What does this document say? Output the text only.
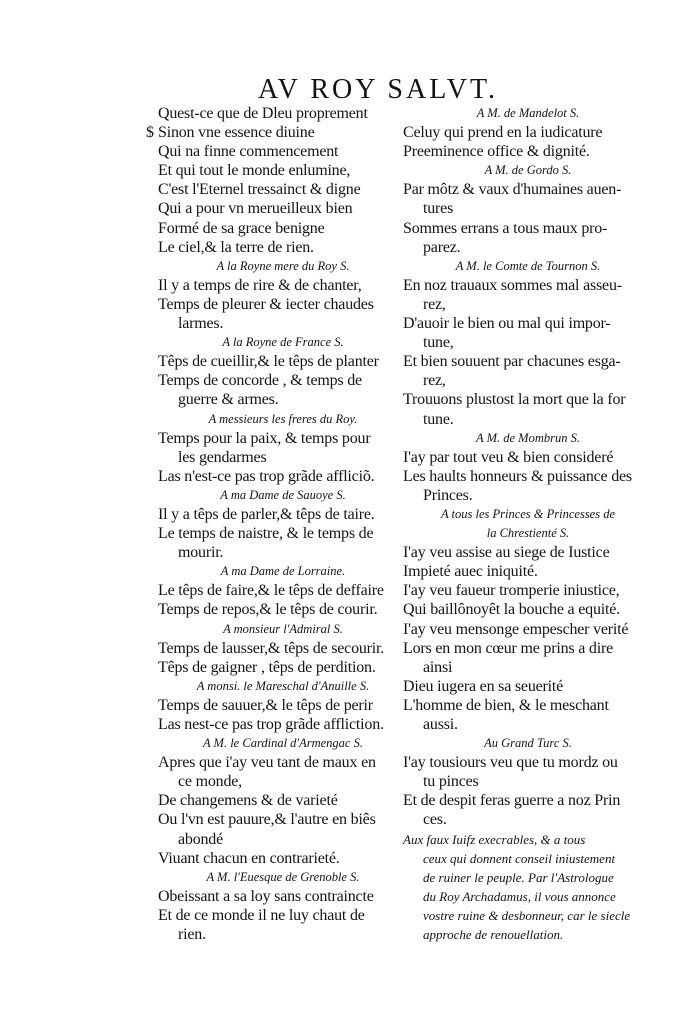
AV ROY SALVT.
$
Quest-ce que de Dleu proprement
Sinon vne essence diuine
Qui na finne commencement
Et qui tout le monde enlumine,
C'est l'Eternel tressainct & digne
Qui a pour vn merueilleux bien
Formé de sa grace benigne
Le ciel,& la terre de rien.
A la Royne mere du Roy S.
Il y a temps de rire & de chanter,
Temps de pleurer & iecter chaudes
larmes.
A la Royne de France S.
Têps de cueillir,& le têps de planter
Temps de concorde , & temps de
guerre & armes.
A messieurs les freres du Roy.
Temps pour la paix, & temps pour
les gendarmes
Las n'est-ce pas trop grãde affliciõ.
A ma Dame de Sauoye S.
Il y a têps de parler,& têps de taire.
Le temps de naistre, & le temps de
mourir.
A ma Dame de Lorraine.
Le têps de faire,& le têps de deffaire
Temps de repos,& le têps de courir.
A monsieur l'Admiral S.
Temps de lausser,& têps de secourir.
Têps de gaigner , têps de perdition.
A monsi. le Mareschal d'Anuille S.
Temps de sauuer,& le têps de perir
Las nest-ce pas trop grãde affliction.
A M. le Cardinal d'Armengac S.
Apres que i'ay veu tant de maux en
ce monde,
De changemens & de varieté
Ou l'vn est pauure,& l'autre en biês
abondé
Viuant chacun en contrarieté.
A M. l'Euesque de Grenoble S.
Obeissant a sa loy sans contraincte
Et de ce monde il ne luy chaut de
rien.
A M. de Mandelot S.
Celuy qui prend en la iudicature
Preeminence office & dignité.
A M. de Gordo S.
Par môtz & vaux d'humaines auen-
tures
Sommes errans a tous maux pro-
parez.
A M. le Comte de Tournon S.
En noz trauaux sommes mal asseu-
rez,
D'auoir le bien ou mal qui impor-
tune,
Et bien souuent par chacunes esga-
rez,
Trouuons plustost la mort que la for
tune.
A M. de Mombrun S.
I'ay par tout veu & bien consideré
Les haults honneurs & puissance des
Princes.
A tous les Princes & Princesses de
la Chrestienté S.
I'ay veu assise au siege de Iustice
Impieté auec iniquité.
I'ay veu faueur tromperie iniustice,
Qui baillônoyêt la bouche a equité.
I'ay veu mensonge empescher verité
Lors en mon cœur me prins a dire
ainsi
Dieu iugera en sa seuerité
L'homme de bien, & le meschant
aussi.
Au Grand Turc S.
I'ay tousiours veu que tu mordz ou
tu pinces
Et de despit feras guerre a noz Prin
ces.
Aux faux Iuifz execrables, & a tous
ceux qui donnent conseil iniustement
de ruiner le peuple. Par l'Astrologue
du Roy Archadamus, il vous annonce
vostre ruine & desbonneur, car le siecle
approche de renouellation.
